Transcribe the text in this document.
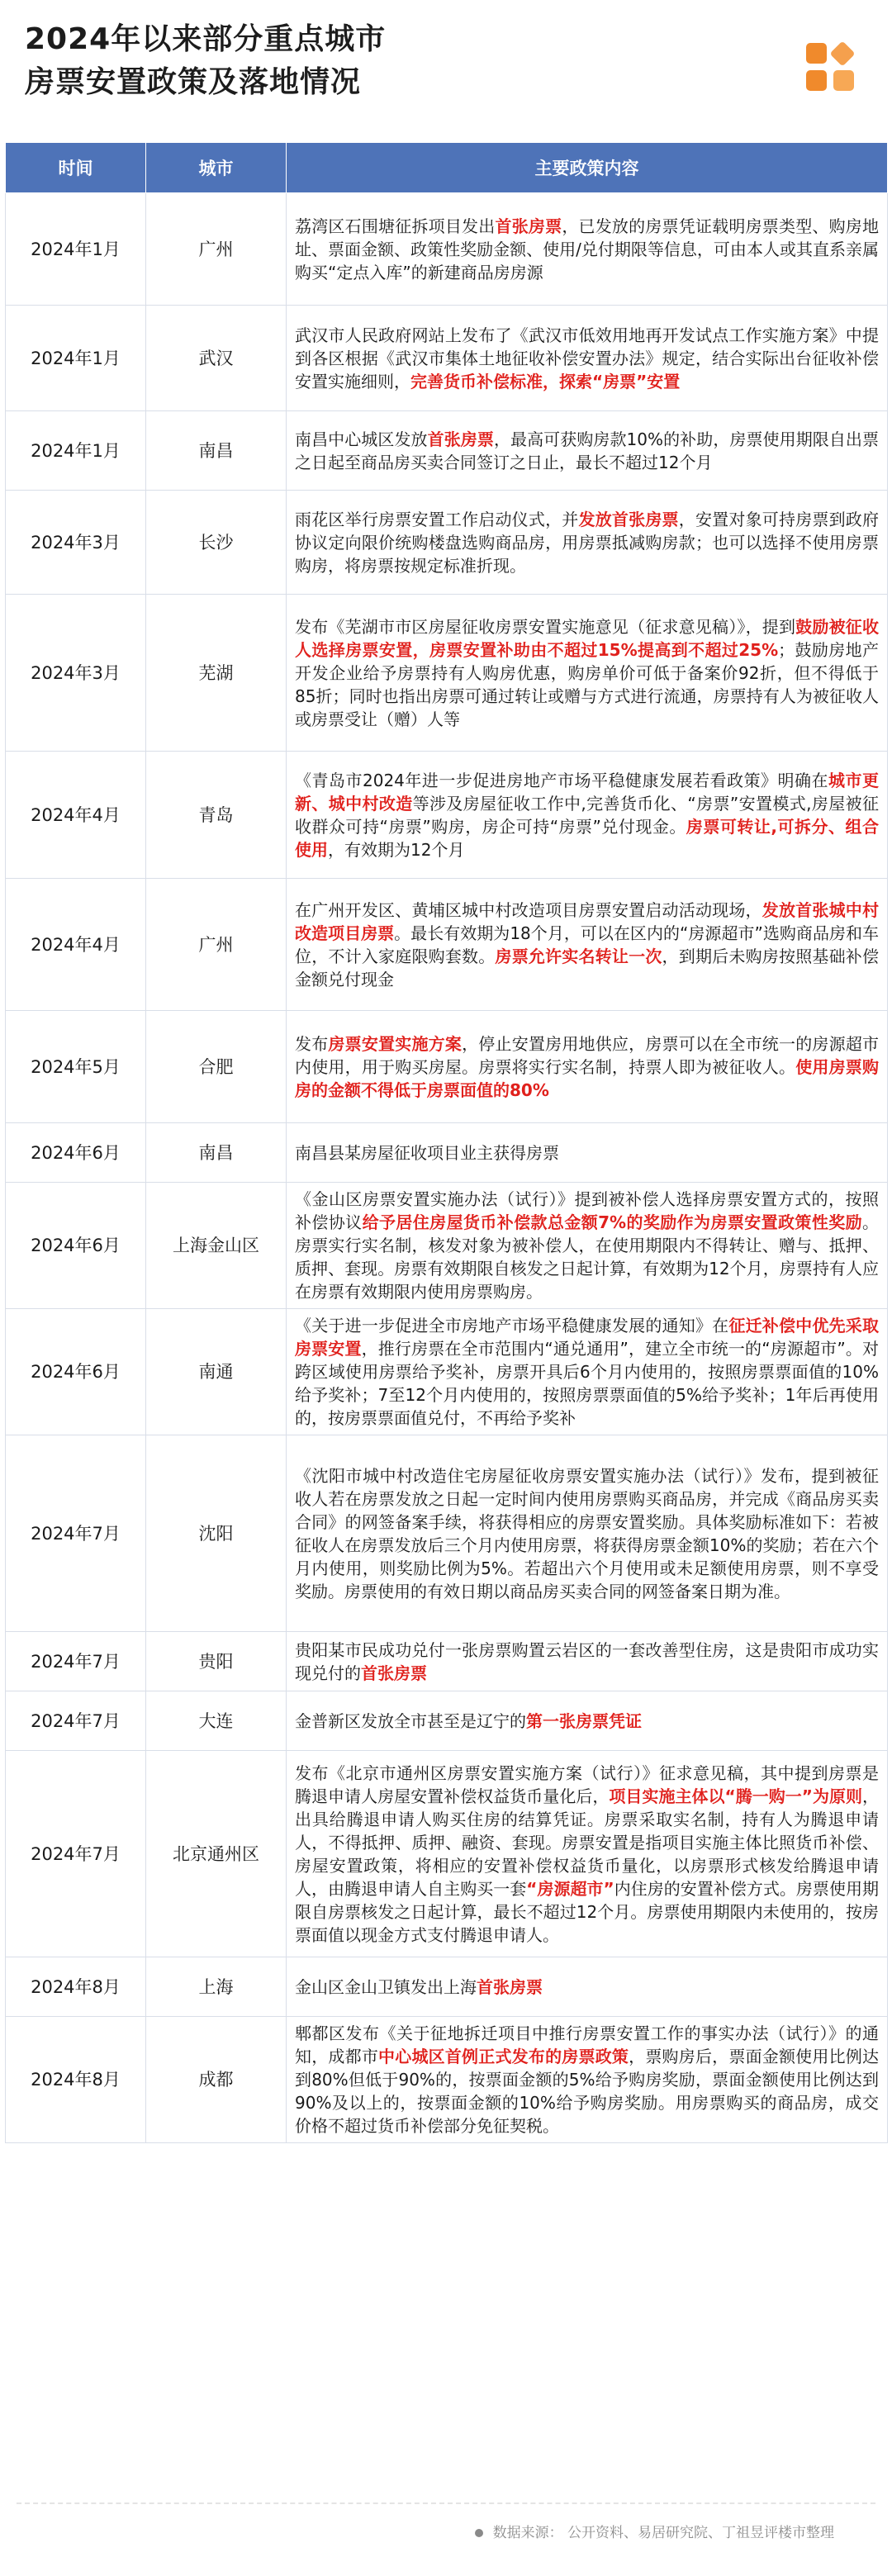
2024年以来部分重点城市
房票安置政策及落地情况
时间	城市	主要政策内容
2024年1月	广州	荔湾区石围塘征拆项目发出首张房票，已发放的房票凭证载明房票类型、购房地址、票面金额、政策性奖励金额、使用/兑付期限等信息，可由本人或其直系亲属购买“定点入库”的新建商品房房源
2024年1月	武汉	武汉市人民政府网站上发布了《武汉市低效用地再开发试点工作实施方案》中提到各区根据《武汉市集体土地征收补偿安置办法》规定，结合实际出台征收补偿安置实施细则，完善货币补偿标准，探索“房票”安置
2024年1月	南昌	南昌中心城区发放首张房票，最高可获购房款10%的补助，房票使用期限自出票之日起至商品房买卖合同签订之日止，最长不超过12个月
2024年3月	长沙	雨花区举行房票安置工作启动仪式，并发放首张房票，安置对象可持房票到政府协议定向限价统购楼盘选购商品房，用房票抵减购房款；也可以选择不使用房票购房，将房票按规定标准折现。
2024年3月	芜湖	发布《芜湖市市区房屋征收房票安置实施意见（征求意见稿）》，提到鼓励被征收人选择房票安置，房票安置补助由不超过15%提高到不超过25%；鼓励房地产开发企业给予房票持有人购房优惠，购房单价可低于备案价92折，但不得低于85折；同时也指出房票可通过转让或赠与方式进行流通，房票持有人为被征收人或房票受让（赠）人等
2024年4月	青岛	《青岛市2024年进一步促进房地产市场平稳健康发展若看政策》明确在城市更新、城中村改造等涉及房屋征收工作中,完善货币化、“房票”安置模式,房屋被征收群众可持“房票”购房，房企可持“房票”兑付现金。房票可转让,可拆分、组合使用，有效期为12个月
2024年4月	广州	在广州开发区、黄埔区城中村改造项目房票安置启动活动现场，发放首张城中村改造项目房票。最长有效期为18个月，可以在区内的“房源超市”选购商品房和车位，不计入家庭限购套数。房票允许实名转让一次，到期后未购房按照基础补偿金额兑付现金
2024年5月	合肥	发布房票安置实施方案，停止安置房用地供应，房票可以在全市统一的房源超市内使用，用于购买房屋。房票将实行实名制，持票人即为被征收人。使用房票购房的金额不得低于房票面值的80%
2024年6月	南昌	南昌县某房屋征收项目业主获得房票
2024年6月	上海金山区	《金山区房票安置实施办法（试行）》提到被补偿人选择房票安置方式的，按照补偿协议给予居住房屋货币补偿款总金额7%的奖励作为房票安置政策性奖励。房票实行实名制，核发对象为被补偿人，在使用期限内不得转让、赠与、抵押、质押、套现。房票有效期限自核发之日起计算，有效期为12个月，房票持有人应在房票有效期限内使用房票购房。
2024年6月	南通	《关于进一步促进全市房地产市场平稳健康发展的通知》在征迁补偿中优先采取房票安置，推行房票在全市范围内“通兑通用”，建立全市统一的“房源超市”。对跨区域使用房票给予奖补，房票开具后6个月内使用的，按照房票票面值的10%给予奖补；7至12个月内使用的，按照房票票面值的5%给予奖补；1年后再使用的，按房票票面值兑付，不再给予奖补
2024年7月	沈阳	《沈阳市城中村改造住宅房屋征收房票安置实施办法（试行）》发布，提到被征收人若在房票发放之日起一定时间内使用房票购买商品房，并完成《商品房买卖合同》的网签备案手续，将获得相应的房票安置奖励。具体奖励标准如下：若被征收人在房票发放后三个月内使用房票，将获得房票金额10%的奖励；若在六个月内使用，则奖励比例为5%。若超出六个月使用或未足额使用房票，则不享受奖励。房票使用的有效日期以商品房买卖合同的网签备案日期为准。
2024年7月	贵阳	贵阳某市民成功兑付一张房票购置云岩区的一套改善型住房，这是贵阳市成功实现兑付的首张房票
2024年7月	大连	金普新区发放全市甚至是辽宁的第一张房票凭证
2024年7月	北京通州区	发布《北京市通州区房票安置实施方案（试行）》征求意见稿，其中提到房票是腾退申请人房屋安置补偿权益货币量化后，项目实施主体以“腾一购一”为原则，出具给腾退申请人购买住房的结算凭证。房票采取实名制，持有人为腾退申请人，不得抵押、质押、融资、套现。房票安置是指项目实施主体比照货币补偿、房屋安置政策，将相应的安置补偿权益货币量化，以房票形式核发给腾退申请人，由腾退申请人自主购买一套“房源超市”内住房的安置补偿方式。房票使用期限自房票核发之日起计算，最长不超过12个月。房票使用期限内未使用的，按房票面值以现金方式支付腾退申请人。
2024年8月	上海	金山区金山卫镇发出上海首张房票
2024年8月	成都	郫都区发布《关于征地拆迁项目中推行房票安置工作的事实办法（试行）》的通知，成都市中心城区首例正式发布的房票政策，票购房后，票面金额使用比例达到80%但低于90%的，按票面金额的5%给予购房奖励，票面金额使用比例达到90%及以上的，按票面金额的10%给予购房奖励。用房票购买的商品房，成交价格不超过货币补偿部分免征契税。
数据来源： 公开资料、易居研究院、丁祖昱评楼市整理
